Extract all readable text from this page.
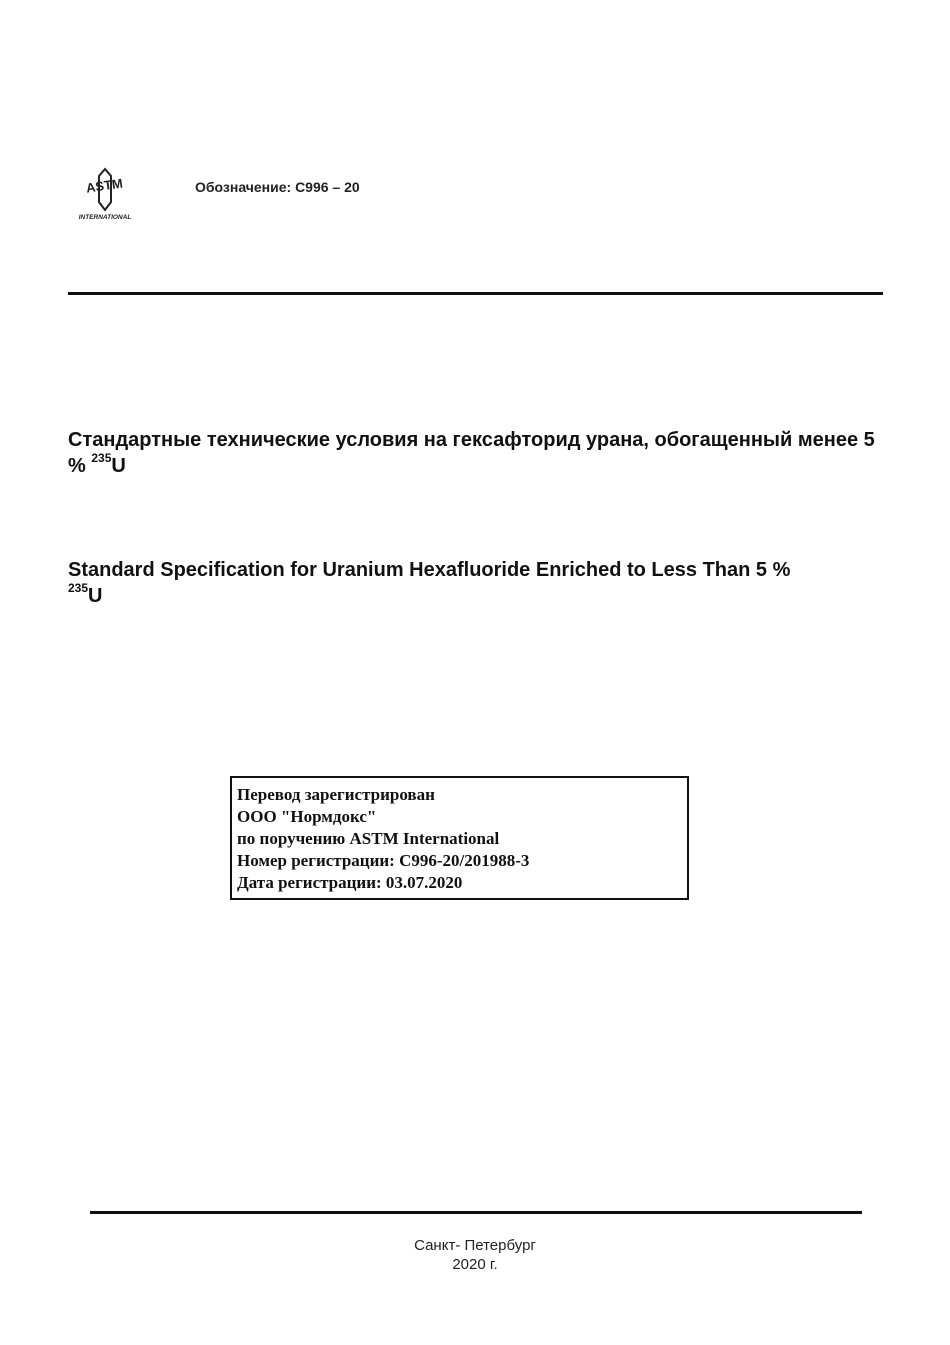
ASTM
INTERNATIONAL
Обозначение: C996 – 20
Стандартные технические условия на гексафторид урана, обогащенный менее 5 % $^{235}$U
Standard Specification for Uranium Hexafluoride Enriched to Less Than 5 %
$^{235}$U
Перевод зарегистрирован
ООО "Нормдокс"
по поручению ASTM International
Номер регистрации: C996-20/201988-3
Дата регистрации: 03.07.2020
Санкт- Петербург
2020 г.
